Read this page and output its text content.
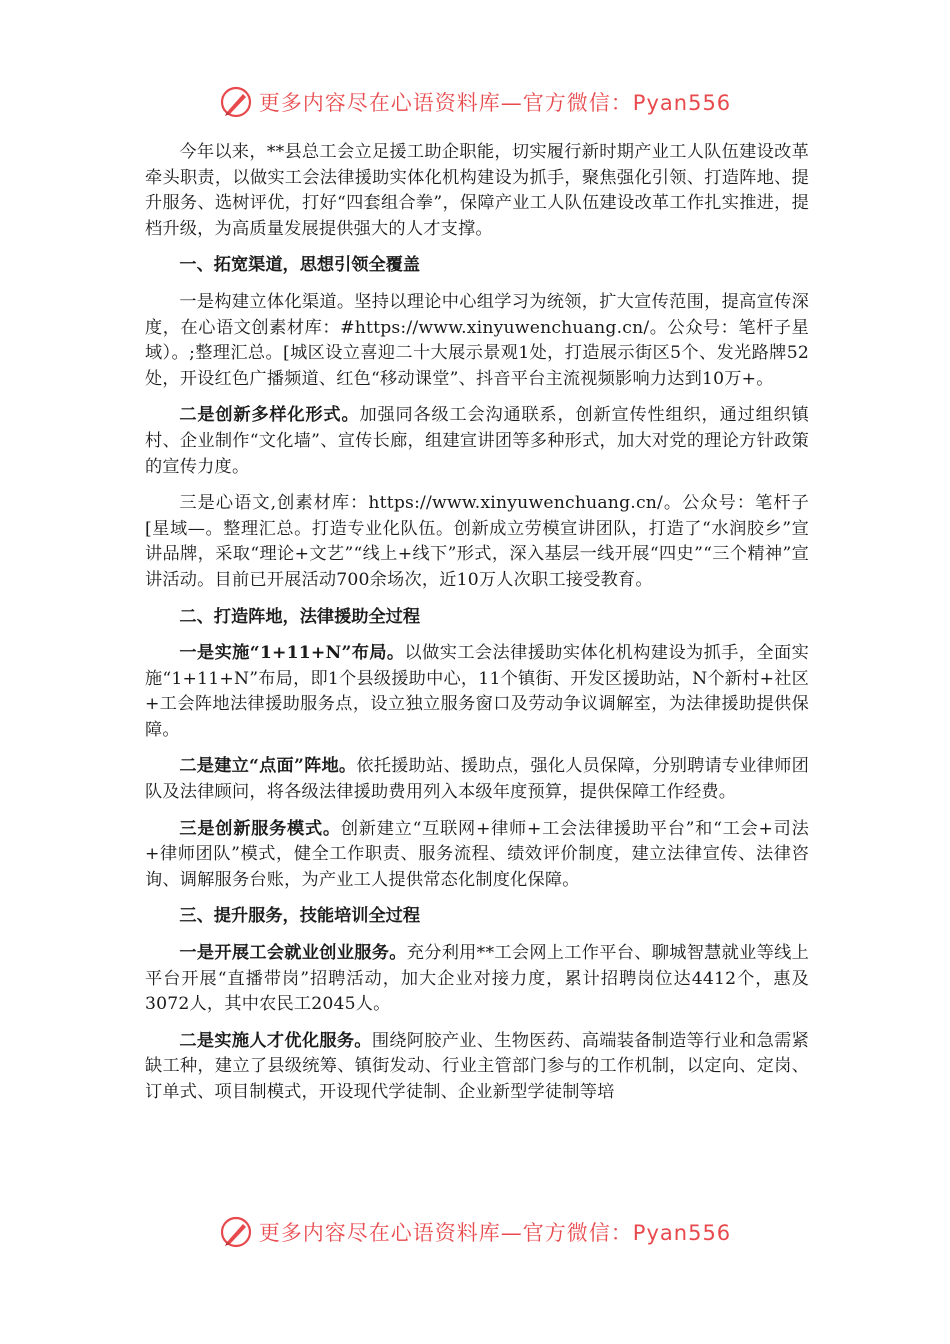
更多内容尽在心语资料库—官方微信：Pyan556

今年以来，**县总工会立足援工助企职能，切实履行新时期产业工人队伍建设改革牵头职责，以做实工会法律援助实体化机构建设为抓手，聚焦强化引领、打造阵地、提升服务、选树评优，打好“四套组合拳”，保障产业工人队伍建设改革工作扎实推进，提档升级，为高质量发展提供强大的人才支撑。

一、拓宽渠道，思想引领全覆盖

一是构建立体化渠道。坚持以理论中心组学习为统领，扩大宣传范围，提高宣传深度，在心语文创素材库：#https://www.xinyuwenchuang.cn/。公众号：笔杆子星域）。;整理汇总。[城区设立喜迎二十大展示景观1处，打造展示街区5个、发光路牌52处，开设红色广播频道、红色“移动课堂”、抖音平台主流视频影响力达到10万+。

二是创新多样化形式。加强同各级工会沟通联系，创新宣传性组织，通过组织镇村、企业制作“文化墙”、宣传长廊，组建宣讲团等多种形式，加大对党的理论方针政策的宣传力度。

三是心语文,创素材库：https://www.xinyuwenchuang.cn/。公众号：笔杆子[星域—。整理汇总。打造专业化队伍。创新成立劳模宣讲团队，打造了“水润胶乡”宣讲品牌，采取“理论+文艺”“线上+线下”形式，深入基层一线开展“四史”“三个精神”宣讲活动。目前已开展活动700余场次，近10万人次职工接受教育。

二、打造阵地，法律援助全过程

一是实施“1+11+N”布局。以做实工会法律援助实体化机构建设为抓手，全面实施“1+11+N”布局，即1个县级援助中心，11个镇街、开发区援助站，N个新村+社区+工会阵地法律援助服务点，设立独立服务窗口及劳动争议调解室，为法律援助提供保障。

二是建立“点面”阵地。依托援助站、援助点，强化人员保障，分别聘请专业律师团队及法律顾问，将各级法律援助费用列入本级年度预算，提供保障工作经费。

三是创新服务模式。创新建立“互联网+律师+工会法律援助平台”和“工会+司法+律师团队”模式，健全工作职责、服务流程、绩效评价制度，建立法律宣传、法律咨询、调解服务台账，为产业工人提供常态化制度化保障。

三、提升服务，技能培训全过程

一是开展工会就业创业服务。充分利用**工会网上工作平台、聊城智慧就业等线上平台开展“直播带岗”招聘活动，加大企业对接力度，累计招聘岗位达4412个，惠及3072人，其中农民工2045人。

二是实施人才优化服务。围绕阿胶产业、生物医药、高端装备制造等行业和急需紧缺工种，建立了县级统筹、镇街发动、行业主管部门参与的工作机制，以定向、定岗、订单式、项目制模式，开设现代学徒制、企业新型学徒制等培

更多内容尽在心语资料库—官方微信：Pyan556
